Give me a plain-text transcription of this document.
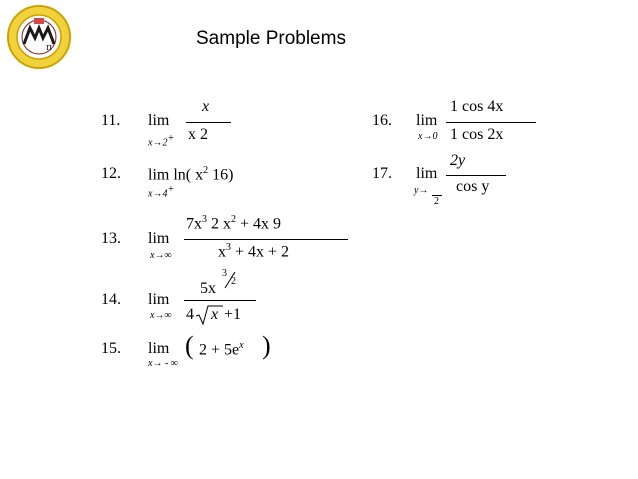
Sample Problems
π
11. lim
x→2+
x
x 2
12. lim ln( $x^2$ 16)
x→4+
13. lim
x→∞
$7x^3$ 2 $x^2 + 4x$ 9
$x^3 + 4x + 2$
14. lim
x→∞
5x
3
2
4 x +1
15. lim
x→ - ∞
( $2 + 5e^x$ )
16. lim
x→0
1 cos 4x
1 cos 2x
17. lim
y→
2
2y
cos y
